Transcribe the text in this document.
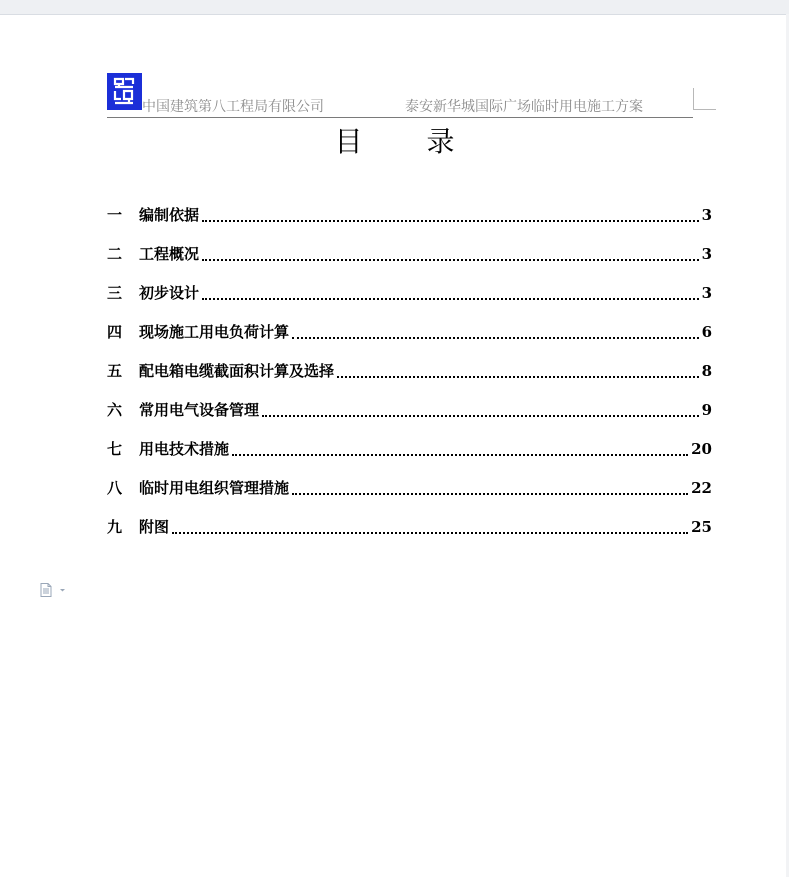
中国建筑第八工程局有限公司	泰安新华城国际广场临时用电施工方案
目 录
一	编制依据	3
二	工程概况	3
三	初步设计	3
四	现场施工用电负荷计算	6
五	配电箱电缆截面积计算及选择	8
六	常用电气设备管理	9
七	用电技术措施	20
八	临时用电组织管理措施	22
九	附图	25
